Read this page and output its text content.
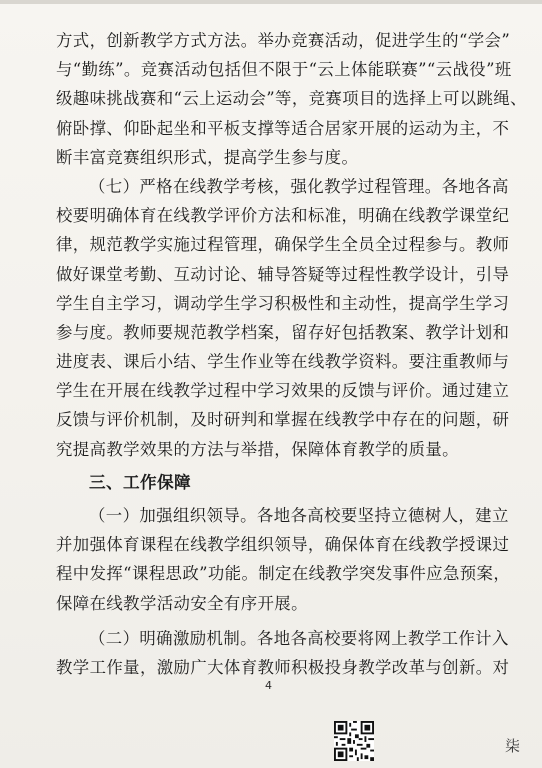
方式，创新教学方式方法。举办竞赛活动，促进学生的“学会”
与“勤练”。竞赛活动包括但不限于“云上体能联赛”“云战役”班
级趣味挑战赛和“云上运动会”等，竞赛项目的选择上可以跳绳、
俯卧撑、仰卧起坐和平板支撑等适合居家开展的运动为主，不
断丰富竞赛组织形式，提高学生参与度。
（七）严格在线教学考核，强化教学过程管理。各地各高
校要明确体育在线教学评价方法和标准，明确在线教学课堂纪
律，规范教学实施过程管理，确保学生全员全过程参与。教师
做好课堂考勤、互动讨论、辅导答疑等过程性教学设计，引导
学生自主学习，调动学生学习积极性和主动性，提高学生学习
参与度。教师要规范教学档案，留存好包括教案、教学计划和
进度表、课后小结、学生作业等在线教学资料。要注重教师与
学生在开展在线教学过程中学习效果的反馈与评价。通过建立
反馈与评价机制，及时研判和掌握在线教学中存在的问题，研
究提高教学效果的方法与举措，保障体育教学的质量。
三、工作保障
（一）加强组织领导。各地各高校要坚持立德树人，建立
并加强体育课程在线教学组织领导，确保体育在线教学授课过
程中发挥“课程思政”功能。制定在线教学突发事件应急预案，
保障在线教学活动安全有序开展。
（二）明确激励机制。各地各高校要将网上教学工作计入
教学工作量，激励广大体育教师积极投身教学改革与创新。对
4
柒
